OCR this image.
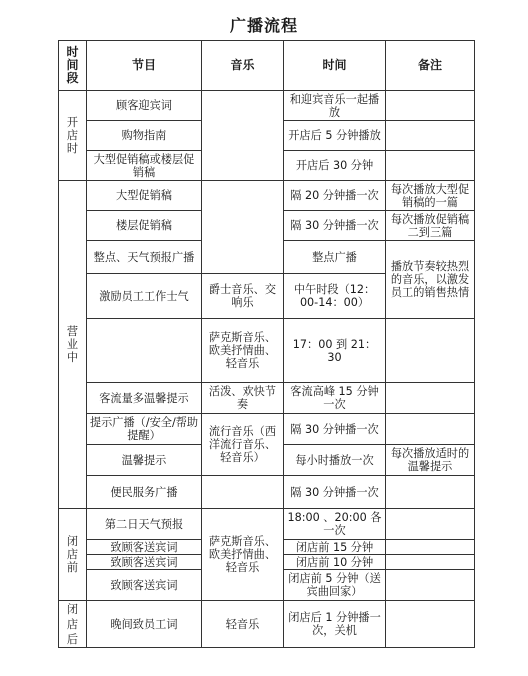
广播流程
时间段	节目	音乐	时间	备注
开店时	顾客迎宾词		和迎宾音乐一起播放	
	购物指南		开店后 5 分钟播放	
	大型促销稿或楼层促销稿		开店后 30 分钟	
营业中	大型促销稿		隔 20 分钟播一次	每次播放大型促销稿的一篇
	楼层促销稿		隔 30 分钟播一次	每次播放促销稿二到三篇
	整点、天气预报广播		整点广播	播放节奏较热烈的音乐，以激发员工的销售热情
	激励员工工作士气	爵士音乐、交响乐	中午时段（12：00-14：00）	
		萨克斯音乐、欧美抒情曲、轻音乐	17：00 到 21：30	
	客流量多温馨提示	活泼、欢快节奏	客流高峰 15 分钟一次	
	提示广播（/安全/帮助提醒）	流行音乐（西洋流行音乐、轻音乐）	隔 30 分钟播一次	
	温馨提示		每小时播放一次	每次播放适时的温馨提示
	便民服务广播		隔 30 分钟播一次	
闭店前	第二日天气预报	萨克斯音乐、欧美抒情曲、轻音乐	18:00 、20:00 各一次	
	致顾客送宾词		闭店前 15 分钟	
	致顾客送宾词		闭店前 10 分钟	
	致顾客送宾词		闭店前 5 分钟（送宾曲回家）	
闭店后	晚间致员工词	轻音乐	闭店后 1 分钟播一次，关机	
